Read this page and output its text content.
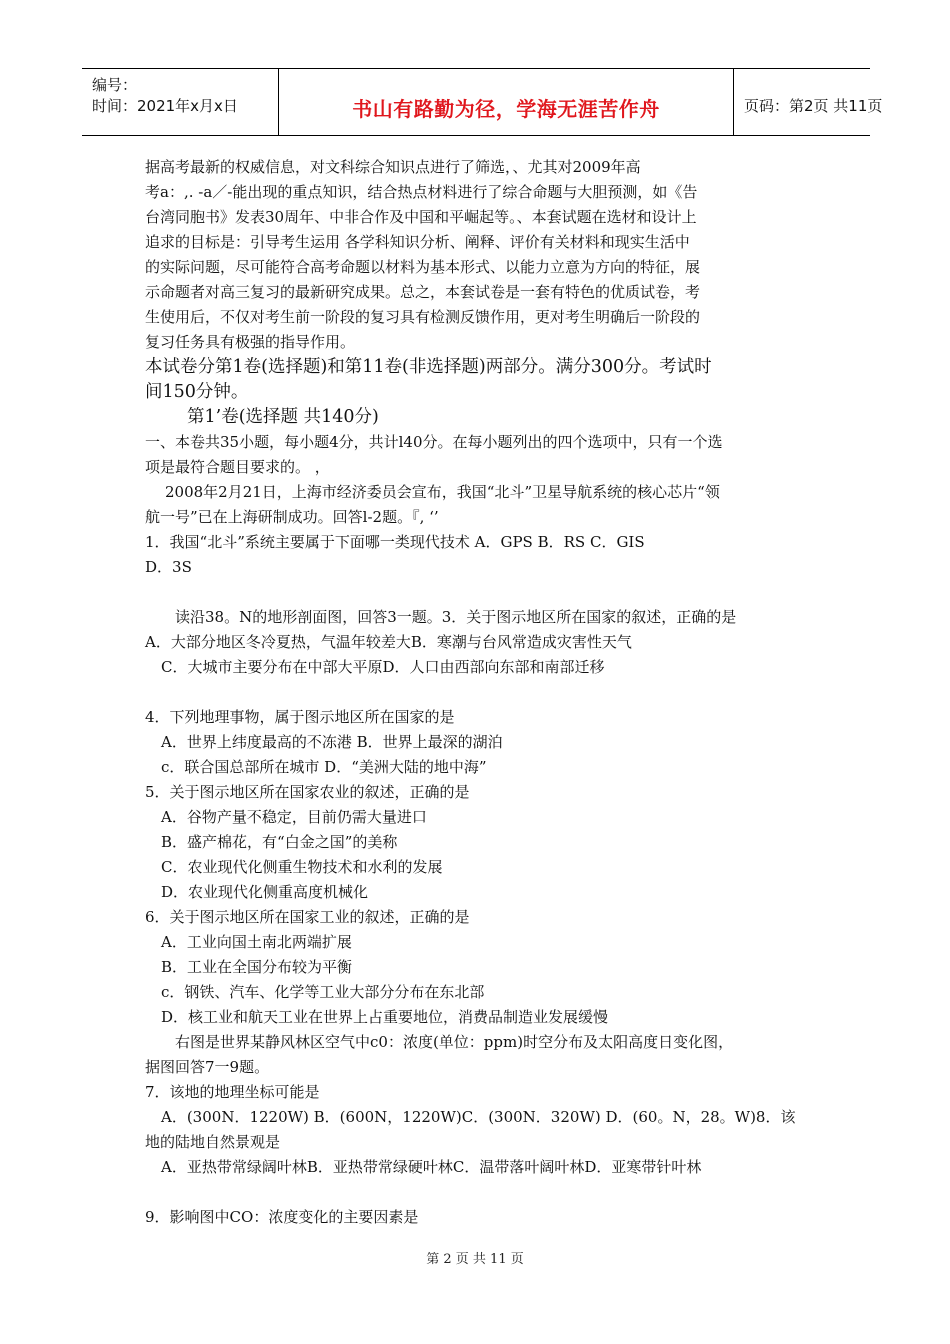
编号：
时间：2021年x月x日	书山有路勤为径，学海无涯苦作舟	页码：第2页 共11页

据高考最新的权威信息，对文科综合知识点进行了筛选，、尤其对2009年高

考a：,. -a／-能出现的重点知识，结合热点材料进行了综合命题与大胆预测，如《告

台湾同胞书》发表30周年、中非合作及中国和平崛起等。、本套试题在选材和设计上

追求的目标是：引导考生运用 各学科知识分析、阐释、评价有关材料和现实生活中

的实际问题，尽可能符合高考命题以材料为基本形式、以能力立意为方向的特征，展

示命题者对高三复习的最新研究成果。总之，本套试卷是一套有特色的优质试卷，考

生使用后，不仅对考生前一阶段的复习具有检测反馈作用，更对考生明确后一阶段的

复习任务具有极强的指导作用。

本试卷分第1卷(选择题)和第11卷(非选择题)两部分。满分300分。考试时

间150分钟。

第1’卷(选择题 共140分)

一、本卷共35小题，每小题4分，共计l40分。在每小题列出的四个选项中，只有一个选

项是最符合题目要求的。 ，

2008年2月21日，上海市经济委员会宣布，我国“北斗”卫星导航系统的核心芯片“领

航一号”已在上海研制成功。回答l-2题。『, ‘’

1．我国“北斗”系统主要属于下面哪一类现代技术 A．GPS B．RS C．GIS

D．3S

读沿38。N的地形剖面图，回答3一题。3．关于图示地区所在国家的叙述，正确的是

A．大部分地区冬冷夏热，气温年较差大B．寒潮与台风常造成灾害性天气

C．大城市主要分布在中部大平原D．人口由西部向东部和南部迁移

4．下列地理事物，属于图示地区所在国家的是

A．世界上纬度最高的不冻港 B．世界上最深的湖泊

c．联合国总部所在城市 D．“美洲大陆的地中海”

5．关于图示地区所在国家农业的叙述，正确的是

A．谷物产量不稳定，目前仍需大量进口

B．盛产棉花，有“白金之国”的美称

C．农业现代化侧重生物技术和水利的发展

D．农业现代化侧重高度机械化

6．关于图示地区所在国家工业的叙述，正确的是

A．工业向国土南北两端扩展

B．工业在全国分布较为平衡

c．钢铁、汽车、化学等工业大部分分布在东北部

D．核工业和航天工业在世界上占重要地位，消费品制造业发展缓慢

右图是世界某静风林区空气中c0：浓度(单位：ppm)时空分布及太阳高度日变化图，

据图回答7一9题。

7．该地的地理坐标可能是

A．(300N．1220W) B．(600N，1220W)C．(300N．320W) D．(60。N，28。W)8．该

地的陆地自然景观是

A．亚热带常绿阔叶林B．亚热带常绿硬叶林C．温带落叶阔叶林D．亚寒带针叶林

9．影响图中CO：浓度变化的主要因素是

第 2 页 共 11 页
